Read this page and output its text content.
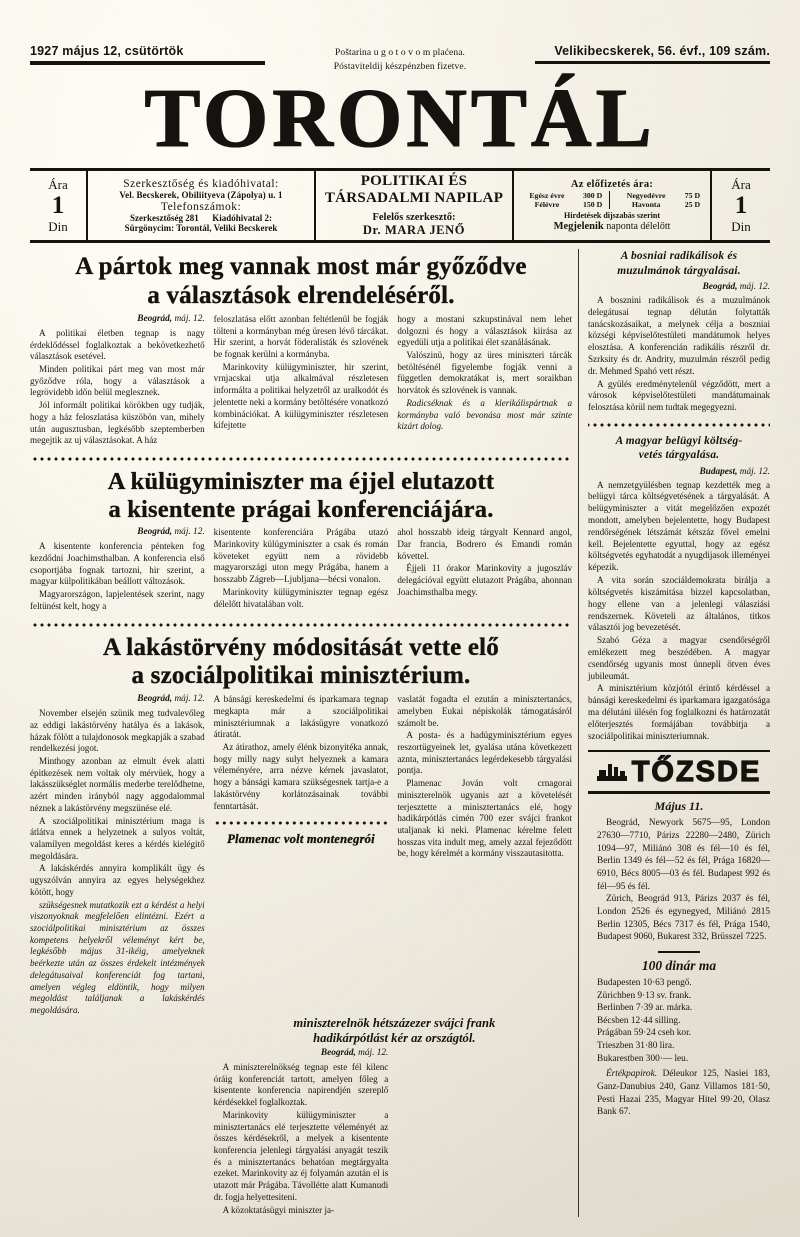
1927 május 12, csütörtök	Poštarina u g o t o v o m plaćena.
Póstaviteldij készpénzben fizetve.
Velikibecskerek, 56. évf., 109 szám.
TORONTÁL
Ára
1
Din
Szerkesztőség és kiadóhivatal:
Vel. Becskerek, Obiliityeva (Zápolya) u. 1
Telefonszámok:
Szerkesztőség 281 Kiadóhivatal 2:
Sürgönycim: Torontál, Veliki Becskerek
POLITIKAI ÉS TÁRSADALMI NAPILAP
Felelős szerkesztő:
Dr. MARA JENŐ
Az előfizetés ára:
Egész évre	300 D	Negyedévre	75 D
Félévre	150 D	Havonta	25 D
Hirdetések dijszabás szerint
Megjelenik naponta délelőtt
Ára
1
Din
A pártok meg vannak most már győződve
a választások elrendeléséről.
Beográd, máj. 12.

A politikai életben tegnap is nagy érdeklődéssel foglalkoztak a bekövetkezhető választások esetével.

Minden politikai párt meg van most már győződve róla, hogy a választások a legrövidebb időn belül meglesznek.

Jól informált politikai körökben ugy tudják, hogy a ház feloszlatása küszöbön van, mihely után augusztusban, legkésőbb szeptemberben megejtik az uj választásokat. A ház

feloszlatása előtt azonban feltétlenül be fogják tölteni a kormányban még üresen lévő tárcákat. Hir szerint, a horvát föderalisták és szlovének be fognak kerülni a kormányba.

Marinkovity külügyminiszter, hir szerint, vrnjacskai utja alkalmával részletesen informálta a politikai helyzetről az uralkodót és jelentette neki a kormány betöltésére vonatkozó kombinációkat. A külügyminiszter részletesen kifejtette

hogy a mostani szkupstinával nem lehet dolgozni és hogy a választások kiirása az egyedüli utja a politikai élet szanálásának.

Valószinü, hogy az üres miniszteri tárcák betöltésénél figyelembe fogják venni a független demokratákat is, mert soraikban horvátok és szlovének is vannak.

Radicséknak és a klerikálispártnak a kormányba való bevonása most már szinte kizárt dolog.

A külügyminiszter ma éjjel elutazott
a kisentente prágai konferenciájára.
Beográd, máj. 12.

A kisentente konferencia pénteken fog kezdődni Joachimsthalban. A konferencia első csoportjába fognak tartozni, hir szerint, a magyar külpolitikában beállott változások.

Magyarországon, lapjelentések szerint, nagy feltünést kelt, hogy a

kisentente konferenciára Prágába utazó Marinkovity külügyminiszter a csak és román követeket együtt nem a rövidebb magyarországi uton megy Prágába, hanem a hosszabb Zágreb—Ljubljana—bécsi vonalon.

Marinkovity külügyminiszter tegnap egész délelőtt hivatalában volt.

ahol hosszabb ideig tárgyalt Kennard angol, Dar francia, Bodrero és Emandi román követtel.

Éjjeli 11 órakor Marinkovity a jugoszláv delegációval együtt elutazott Prágába, ahonnan Joachimsthalba megy.

A lakástörvény módositását vette elő
a szociálpolitikai minisztérium.
Beográd, máj. 12.

November elsején szünik meg tudvalevőleg az eddigi lakástörvény hatálya és a lakások, házak fölött a tulajdonosok megkapják a szabad rendelkezési jogot.

Minthogy azonban az elmult évek alatti épitkezések nem voltak oly mérvüek, hogy a lakásszükséglet normális mederbe terelődhetne, azért minden irányból nagy aggodalommal néznek a lakástörvény megszünése elé.

A szociálpolitikai minisztérium maga is átlátva ennek a helyzetnek a sulyos voltát, valamilyen megoldást keres a kérdés kielégitő megoldására.

A lakáskérdés annyira komplikált ügy és ugyszólván annyira az egyes helységekhez kötött, hogy

szükségesnek mutatkozik ezt a kérdést a helyi viszonyoknak megfelelően elintézni. Ezért a szociálpolitikai minisztérium az összes kompetens helyekről véleményt kért be, legkésőbb május 31-ikéig, amelyeknek beérkezte után az összes érdekelt intézmények delegátusaival konferenciát fog tartani, amelyen végleg eldöntik, hogy milyen megoldást találjanak a lakáskérdés megoldására.

A bánsági kereskedelmi és iparkamara tegnap megkapta már a szociálpolitikai minisztériumnak a lakásügyre vonatkozó átiratát.

Az átirathoz, amely élénk bizonyitéka annak, hogy milly nagy sulyt helyeznek a kamara véleményére, arra nézve kérnek javaslatot, hogy a bánsági kamara szükségesnek tartja-e a lakástörvény korlátozásainak további fenntartását.

Plamenac volt montenegrói

vaslatát fogadta el ezután a minisztertanács, amelyben Eukai népiskolák támogatásáról számolt be.

A posta- és a hadügyminisztérium egyes reszortügyeinek let, gyalása utána következett aznta, minisztertanács legérdekesebb tárgyalási pontja.

Plamenac Jován volt crnagorai miniszterelnök ugyanis azt a követelését terjesztette a minisztertanács elé, hogy hadikárpótlás cimén 700 ezer svájci frankot utaljanak ki neki. Plamenac kérelme felett hosszas vita indult meg, amely azzal fejeződött be, hogy kérelmét a kormány visszautasitotta.

miniszterelnök hétszázezer svájci frank
hadikárpótlást kér az országtól.
Beográd, máj. 12.

A miniszterelnökség tegnap este fél kilenc óráig konferenciát tartott, amelyen főleg a kisentente konferencia napirendjén szereplő kérdésekkel foglalkoztak.

Marinkovity külügyminiszter a minisztertanács elé terjesztette véleményét az összes kérdésekről, a melyek a kisentente konferencia jelenlegi tárgyalási anyagát teszik és a minisztertanács behatóan megtárgyalta ezeket. Marinkovity az éj folyamán azután el is utazott már Prágába. Távollétte alatt Kumanudi dr. fogja helyettesiteni.

A közoktatásügyi miniszter ja-

A bosniai radikálisok és
muzulmánok tárgyalásai.
Beográd, máj. 12.

A bosznini radikálisok és a muzulmánok delegátusai tegnap délután folytatták tanácskozásaikat, a melynek célja a boszniai községi képviselőtestületi mandátumok helyes elosztása. A konferencián radikális részről dr. Szrksity és dr. Andrity, muzulmán részről pedig dr. Mehmed Spahó vett részt.

A gyülés eredménytelenül végződött, mert a városok képviselőtestületi mandátumainak felosztása körül nem tudtak megegyezni.

A magyar belügyi költség-
vetés tárgyalása.
Budapest, máj. 12.

A nemzetgyülésben tegnap kezdették meg a belügyi tárca költségvetésének a tárgyalását. A belügyminiszter a vitát megelőzően expozét mondott, amelyben bejelentette, hogy Budapest rendőrségének létszámát kétszáz fővel emelni kell. Bejelentette egyuttal, hogy az egész költségvetés egyhatodát a nyugdijasok illeményei képezik.

A vita során szociáldemokrata birálja a költségvetés kiszámitása bizzel kapcsolatban, hogy ellene van a jelenlegi válasziási rendszernek. Követeli az általános, titkos választói jog bevezetését.

Szabó Géza a magyar csendőrségről emlékezett meg beszédében. A magyar csendőrség ugyanis most ünnepli ötven éves jubileumát.

A minisztérium közjótól érintő kérdéssel a bánsági kereskedelmi és iparkamara igazgatósága ma délutáni ülésén fog foglalkozni és határozatát előterjesztés formájában továbbitja a szociálpolitikai miniszteriumnak.

TŐZSDE
Május 11.
Beográd, Newyork 5675—95, London 27630—7710, Párizs 22280—2480, Zürich 1094—97, Miliánó 308 és fél—10 és fél, Berlin 1349 és fél—52 és fél, Prága 16820—6910, Bécs 8005—03 és fél. Budapest 992 és fél—95 és fél.
Zürich, Beográd 913, Párizs 2037 és fél, London 2526 és egynegyed, Miliánó 2815 Berlin 12305, Bécs 7317 és fél, Prága 1540, Budapest 9060, Bukarest 332, Brüsszel 7225.
100 dinár ma
Budapesten 10·63 pengő.
Zürichben 9·13 sv. frank.
Berlinben 7·39 ar. márka.
Bécsben 12·44 silling.
Prágában 59·24 cseh kor.
Trieszben 31·80 lira.
Bukarestben 300·— leu.
Értékpapirok. Déleukor 125, Nasiei 183, Ganz-Danubius 240, Ganz Villamos 181·50, Pesti Hazai 235, Magyar Hitel 99·20, Olasz Bank 67.
